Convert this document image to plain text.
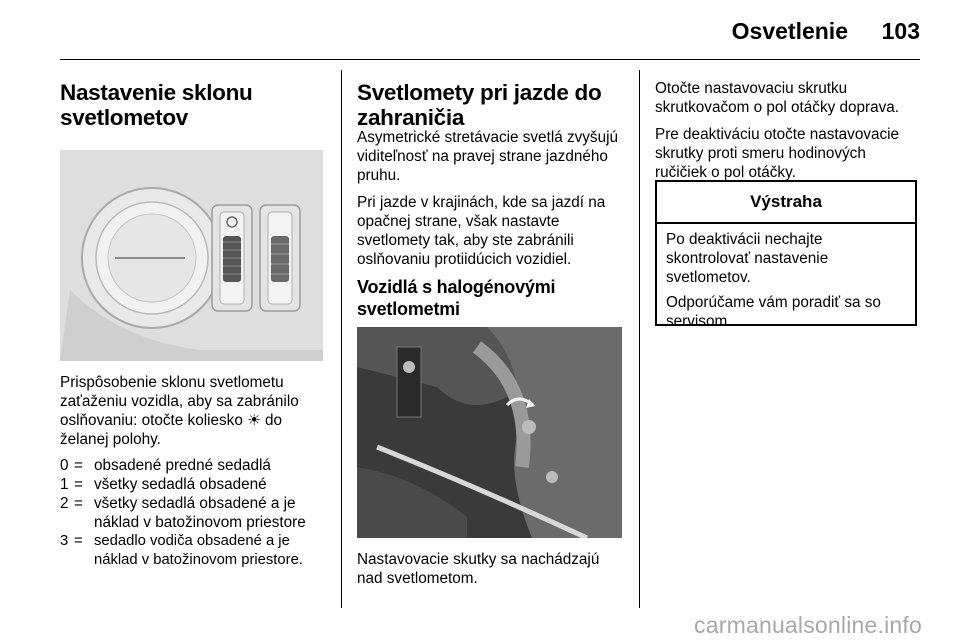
Osvetlenie	103
Nastavenie sklonu svetlometov
Prispôsobenie sklonu svetlometu zaťaženiu vozidla, aby sa zabránilo oslňovaniu: otočte koliesko ☀ do želanej polohy.
0 = obsadené predné sedadlá
1 = všetky sedadlá obsadené
2 = všetky sedadlá obsadené a je náklad v batožinovom priestore
3 = sedadlo vodiča obsadené a je náklad v batožinovom priestore.
Svetlomety pri jazde do zahraničia

Asymetrické stretávacie svetlá zvyšujú viditeľnosť na pravej strane jazdného pruhu.

Pri jazde v krajinách, kde sa jazdí na opačnej strane, však nastavte svetlomety tak, aby ste zabránili oslňovaniu protiidúcich vozidiel.

Vozidlá s halogénovými svetlometmi
Nastavovacie skutky sa nachádzajú nad svetlometom.

Otočte nastavovaciu skrutku skrutkovačom o pol otáčky doprava.

Pre deaktiváciu otočte nastavovacie skrutky proti smeru hodinových ručičiek o pol otáčky.

Výstraha

Po deaktivácii nechajte skontrolovať nastavenie svetlometov.

Odporúčame vám poradiť sa so servisom.

carmanualsonline.info
